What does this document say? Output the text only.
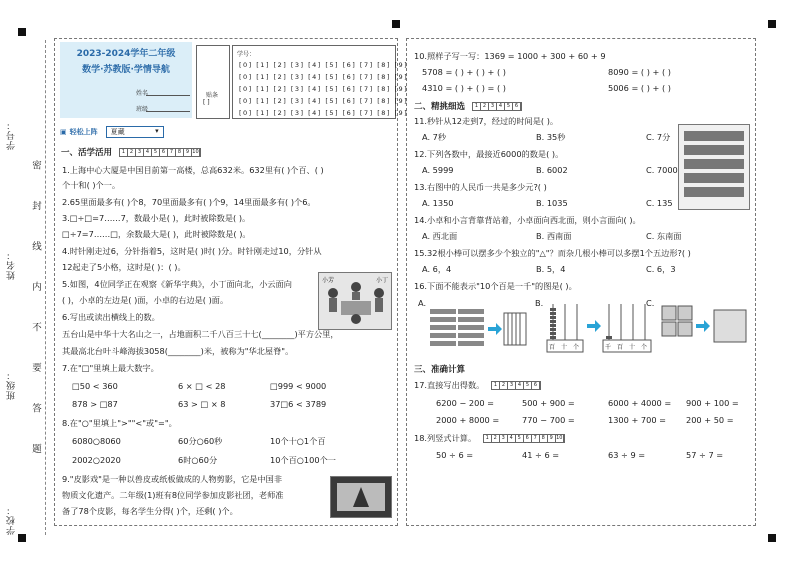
学号：
姓名：
班级：
学校：
密 封 线 内 不 要 答 题
2023-2024学年二年级
数学·苏教版·学情导航
姓名
班级
贴条
[ ]
学号：
[0] [1] [2] [3] [4] [5] [6] [7] [8] [9]
[0] [1] [2] [3] [4] [5] [6] [7] [8] [9]
[0] [1] [2] [3] [4] [5] [6] [7] [8] [9]
[0] [1] [2] [3] [4] [5] [6] [7] [8] [9]
[0] [1] [2] [3] [4] [5] [6] [7] [8] [9]
▣ 轻松上阵 夏藏	▾
一、活学活用 1 2 3 4 5 6 7 8 9 10
1.上海中心大厦是中国目前第一高楼，总高632米。632里有( )个百、( )
个十和( )个一。
2.65里面最多有( )个8，70里面最多有( )个9，14里面最多有( )个6。
3.□÷□=7……7，数最小是( )，此时被除数是( )。
□÷7=7……□，余数最大是( )，此时被除数是( )。
4.时针刚走过6，分针指着5，这时是( )时( )分。时针刚走过10，分针从
12起走了5小格，这时是( )：( )。
5.如图，4位同学正在观察《新华字典》，小丁面向北，小云面向
( )，小卓的左边是( )面，小卓的右边是( )面。
小芳	小丁
6.写出或读出横线上的数。
五台山是中华十大名山之一，占地面积二千八百三十七(________)平方公里，
其最高北台叶斗峰海拔3058(________)米，被称为"华北屋脊"。
7.在"□"里填上最大数字。
□50 < 360	6 × □ < 28	□999 < 9000
878 > □87	63 > □ × 8	37□6 < 3789
8.在"○"里填上">""<"或"="。
6080○8060	60分○60秒	10个十○1个百
2002○2020	6时○60分	10个百○100个一
9."皮影戏"是一种以兽皮或纸板做成的人物剪影，它是中国非
物质文化遗产。二年级(1)班有8位同学参加皮影社团，老师准
备了78个皮影，每名学生分得( )个，还剩( )个。
10.照样子写一写：1369 = 1000 + 300 + 60 + 9
5708 = ( ) + ( ) + ( )	8090 = ( ) + ( )
4310 = ( ) + ( ) = ( )	5006 = ( ) + ( )
二、精挑细选 1 2 3 4 5 6
11.秒针从12走到7，经过的时间是( )。
A. 7秒	B. 35秒	C. 7分
12.下列各数中，最接近6000的数是( )。
A. 5999	B. 6002	C. 7000
13.右图中的人民币一共是多少元?( )
A. 1350	B. 1035	C. 135
14.小卓和小言背靠背站着，小卓面向西北面，则小言面向( )。
A. 西北面	B. 西南面	C. 东南面
15.32根小棒可以摆多少个独立的"△"？而杂几根小棒可以多摆1个五边形?( )
A. 6，4	B. 5，4	C. 6，3
16.下面不能表示"10个百是一千"的图是( )。
A.	B.	C.
百 十 个	千 百 十 个
三、准确计算
17.直接写出得数。 1 2 3 4 5 6
6200 − 200 =	500 + 900 =	6000 + 4000 = 900 + 100 =
2000 + 8000 =	770 − 700 =	1300 + 700 = 200 + 50 =
18.列竖式计算。 1 2 3 4 5 6 7 8 9 10
50 ÷ 6 =	41 ÷ 6 =	63 ÷ 9 =	57 ÷ 7 =
